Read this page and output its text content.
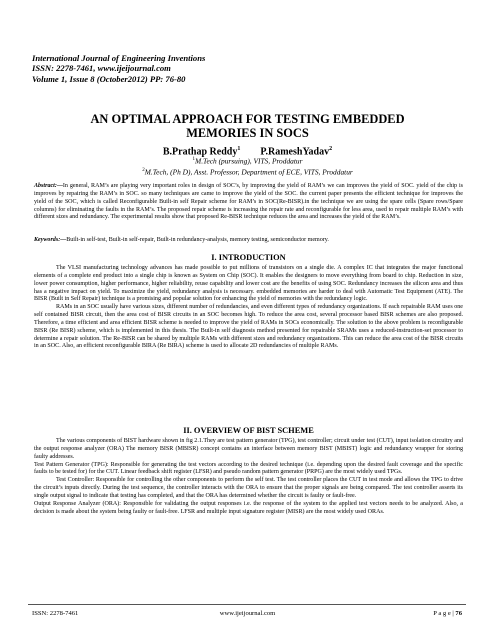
International Journal of Engineering Inventions
ISSN: 2278-7461, www.ijeijournal.com
Volume 1, Issue 8 (October2012) PP: 76-80
AN OPTIMAL APPROACH FOR TESTING EMBEDDED
MEMORIES IN SOCS
B.Prathap Reddy$^1$ P.RameshYadav$^2$
$^1$M.Tech (pursuing), VITS, Proddatur
$^2$M.Tech, (Ph D), Asst. Professor, Department of ECE, VITS, Proddatur
Abstract:—In general, RAM’s are playing very important roles in design of SOC’s, by improving the yield of RAM’s we can improves the yield of SOC. yield of the chip is improves by repairing the RAM’s in SOC. so many techniques are came to improve the yield of the SOC. the current paper presents the efficient technique for improves the yield of the SOC, which is called Reconfigurable Built-in self Repair scheme for RAM’s in SOC(Re-BISR).in the technique we are using the spare cells (Spare rows/Spare columns) for eliminating the faults in the RAM’s. The proposed repair scheme is increasing the repair rate and reconfigurable for less area, used to repair multiple RAM’s with different sizes and redundancy. The experimental results show that proposed Re-BISR technique reduces the area and increases the yield of the RAM’s.
Keywords:—Built-in self-test, Built-in self-repair, Built-in redundancy-analysis, memory testing, semiconductor memory.
I. INTRODUCTION
The VLSI manufacturing technology advances has made possible to put millions of transistors on a single die. A complex IC that integrates the major functional elements of a complete end product into a single chip is known as System on Chip (SOC). It enables the designers to move everything from board to chip. Reduction in size, lower power consumption, higher performance, higher reliability, reuse capability and lower cost are the benefits of using SOC. Redundancy increases the silicon area and thus has a negative impact on yield. To maximize the yield, redundancy analysis is necessary. embedded memories are harder to deal with Automatic Test Equipment (ATE). The BISR (Built in Self Repair) technique is a promising and popular solution for enhancing the yield of memories with the redundancy logic.
RAMs in an SOC usually have various sizes, different number of redundancies, and even different types of redundancy organizations. If each repairable RAM uses one self contained BISR circuit, then the area cost of BISR circuits in an SOC becomes high. To reduce the area cost, several processor based BISR schemes are also proposed. Therefore, a time efficient and area efficient BISR scheme is needed to improve the yield of RAMs in SOCs economically. The solution to the above problem is reconfigurable BISR (Re BISR) scheme, which is implemented in this thesis. The Built-in self diagnosis method presented for repairable SRAMs uses a reduced-instruction-set processor to determine a repair solution. The Re-BISR can be shared by multiple RAMs with different sizes and redundancy organizations. This can reduce the area cost of the BISR circuits in an SOC. Also, an efficient reconfigurable BIRA (Re BIRA) scheme is used to allocate 2D redundancies of multiple RAMs.
II. OVERVIEW OF BIST SCHEME
The various components of BIST hardware shown in fig 2.1.They are test pattern generator (TPG), test controller; circuit under test (CUT), input isolation circuitry and the output response analyzer (ORA) The memory BISR (MBISR) concept contains an interface between memory BIST (MBIST) logic and redundancy wrapper for storing faulty addresses.
Test Pattern Generator (TPG): Responsible for generating the test vectors according to the desired technique (i.e. depending upon the desired fault coverage and the specific faults to be tested for) for the CUT. Linear feedback shift register (LFSR) and pseudo random pattern generator (PRPG) are the most widely used TPGs.
Test Controller: Responsible for controlling the other components to perform the self test. The test controller places the CUT in test mode and allows the TPG to drive the circuit’s inputs directly. During the test sequence, the controller interacts with the ORA to ensure that the proper signals are being compared. The test controller asserts its single output signal to indicate that testing has completed, and that the ORA has determined whether the circuit is faulty or fault-free.
Output Response Analyzer (ORA): Responsible for validating the output responses i.e. the response of the system to the applied test vectors needs to be analyzed. Also, a decision is made about the system being faulty or fault-free. LFSR and multiple input signature register (MISR) are the most widely used ORAs.
ISSN: 2278-7461	www.ijeijournal.com	P a g e | 76
